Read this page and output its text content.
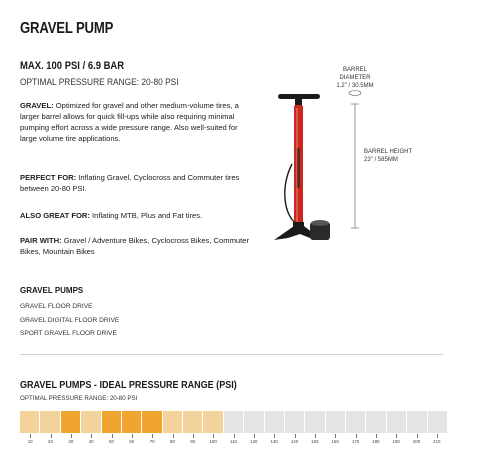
GRAVEL PUMP
MAX. 100 PSI / 6.9 BAR
OPTIMAL PRESSURE RANGE: 20-80 PSI
GRAVEL: Optimized for gravel and other medium-volume tires, a larger barrel allows for quick fill-ups while also requiring minimal pumping effort across a wide pressure range. Also well-suited for large volume tire applications.
PERFECT FOR: Inflating Gravel, Cyclocross and Commuter tires between 20-80 PSI.
ALSO GREAT FOR: Inflating MTB, Plus and Fat tires.
PAIR WITH: Gravel / Adventure Bikes, Cyclocross Bikes, Commuter Bikes, Mountain Bikes
BARREL DIAMETER
1.2" / 30.5MM
BARREL HEIGHT
23" / 585MM
GRAVEL PUMPS
GRAVEL FLOOR DRIVE
GRAVEL DIGITAL FLOOR DRIVE
SPORT GRAVEL FLOOR DRIVE
GRAVEL PUMPS - IDEAL PRESSURE RANGE (PSI)
OPTIMAL PRESSURE RANGE: 20-80 PSI
10	20	30	40	50	60	70	80	90	100	110	120	130	140	150	160	170	180	190	200	210
